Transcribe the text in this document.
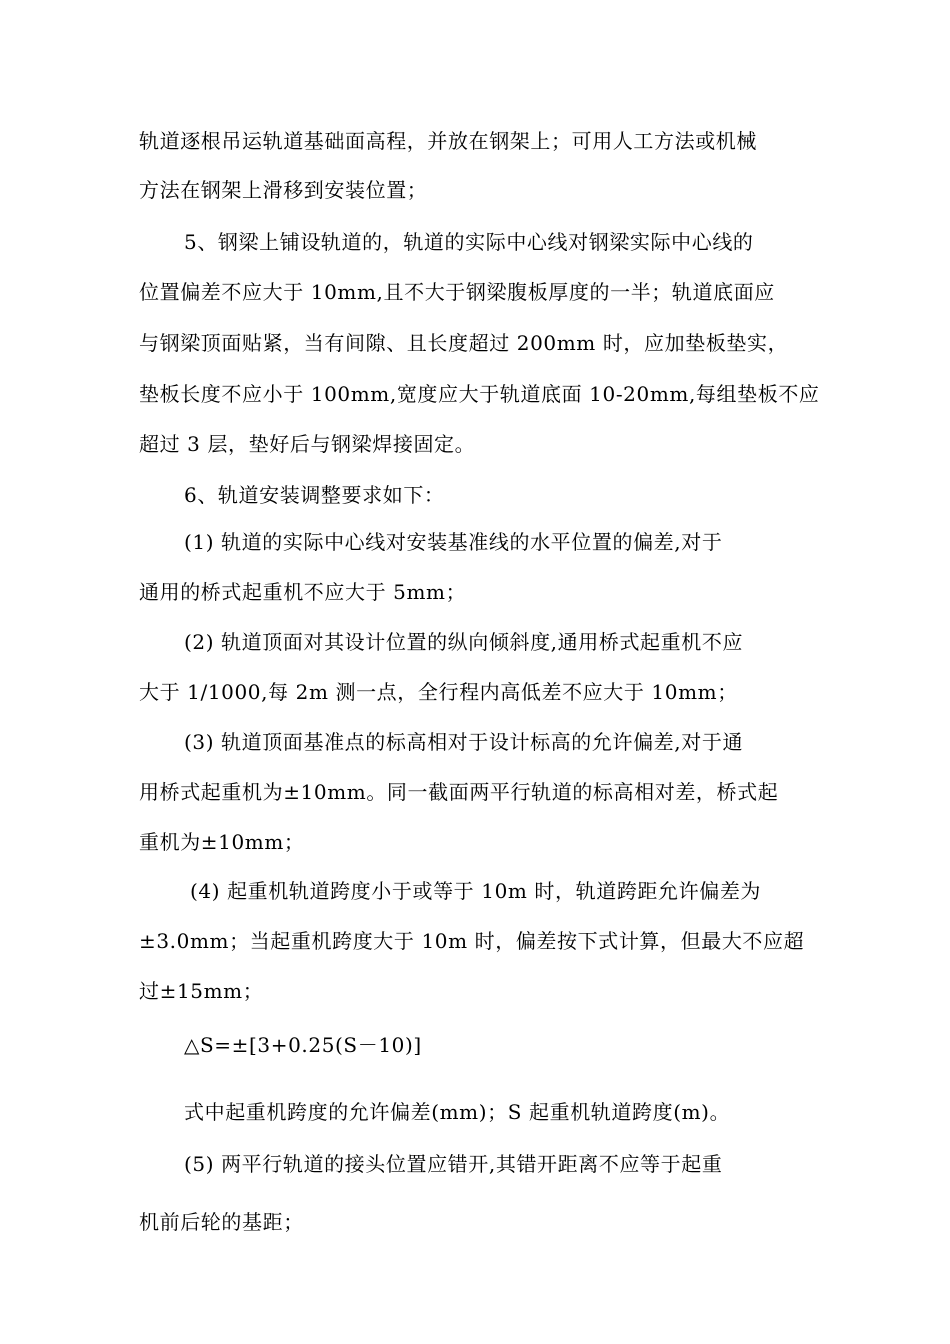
轨道逐根吊运轨道基础面高程，并放在钢架上；可用人工方法或机械
方法在钢架上滑移到安装位置；
5、钢梁上铺设轨道的，轨道的实际中心线对钢梁实际中心线的
位置偏差不应大于 10mm,且不大于钢梁腹板厚度的一半；轨道底面应
与钢梁顶面贴紧，当有间隙、且长度超过 200mm 时，应加垫板垫实，
垫板长度不应小于 100mm,宽度应大于轨道底面 10-20mm,每组垫板不应
超过 3 层，垫好后与钢梁焊接固定。
6、轨道安装调整要求如下：
(1) 轨道的实际中心线对安装基准线的水平位置的偏差,对于
通用的桥式起重机不应大于 5mm；
(2) 轨道顶面对其设计位置的纵向倾斜度,通用桥式起重机不应
大于 1/1000,每 2m 测一点，全行程内高低差不应大于 10mm；
(3) 轨道顶面基准点的标高相对于设计标高的允许偏差,对于通
用桥式起重机为±10mm。同一截面两平行轨道的标高相对差，桥式起
重机为±10mm；
(4) 起重机轨道跨度小于或等于 10m 时，轨道跨距允许偏差为
±3.0mm；当起重机跨度大于 10m 时，偏差按下式计算，但最大不应超
过±15mm；
△S=±[3+0.25(S－10)]
式中起重机跨度的允许偏差(mm)；S 起重机轨道跨度(m)。
(5) 两平行轨道的接头位置应错开,其错开距离不应等于起重
机前后轮的基距；
